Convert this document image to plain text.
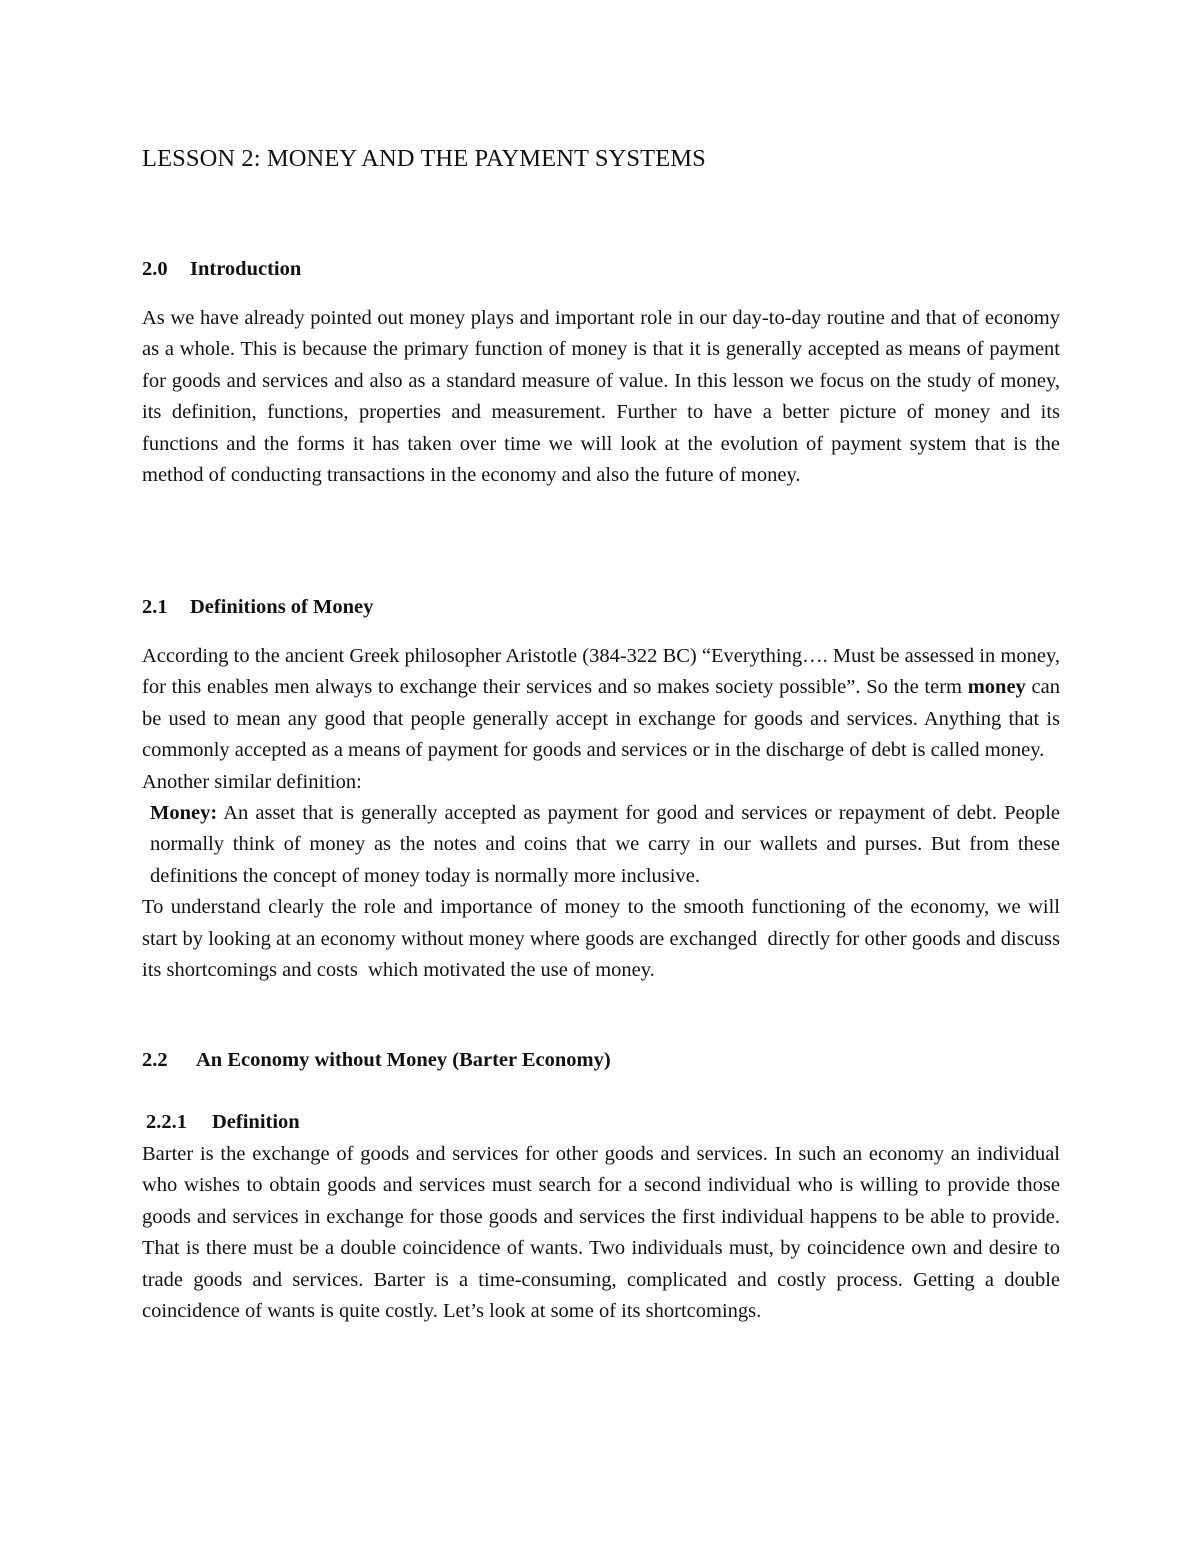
LESSON 2: MONEY AND THE PAYMENT SYSTEMS
2.0 Introduction

As we have already pointed out money plays and important role in our day-to-day routine and that of economy as a whole. This is because the primary function of money is that it is generally accepted as means of payment for goods and services and also as a standard measure of value. In this lesson we focus on the study of money, its definition, functions, properties and measurement. Further to have a better picture of money and its functions and the forms it has taken over time we will look at the evolution of payment system that is the method of conducting transactions in the economy and also the future of money.

2.1 Definitions of Money

According to the ancient Greek philosopher Aristotle (384-322 BC) “Everything…. Must be assessed in money, for this enables men always to exchange their services and so makes society possible”. So the term money can be used to mean any good that people generally accept in exchange for goods and services. Anything that is commonly accepted as a means of payment for goods and services or in the discharge of debt is called money.

Another similar definition:

Money: An asset that is generally accepted as payment for good and services or repayment of debt. People normally think of money as the notes and coins that we carry in our wallets and purses. But from these definitions the concept of money today is normally more inclusive.

To understand clearly the role and importance of money to the smooth functioning of the economy, we will  start by looking at an economy without money where goods are exchanged  directly for other goods and discuss its shortcomings and costs  which motivated the use of money.

2.2 An Economy without Money (Barter Economy)
2.2.1 Definition

Barter is the exchange of goods and services for other goods and services. In such an economy an individual who wishes to obtain goods and services must search for a second individual who is willing to provide those goods and services in exchange for those goods and services the first individual happens to be able to provide.  That is there must be a double coincidence of wants. Two individuals must, by coincidence own and desire to trade goods and services. Barter is a time-consuming, complicated and costly process. Getting a double coincidence of wants is quite costly. Let’s look at some of its shortcomings.
